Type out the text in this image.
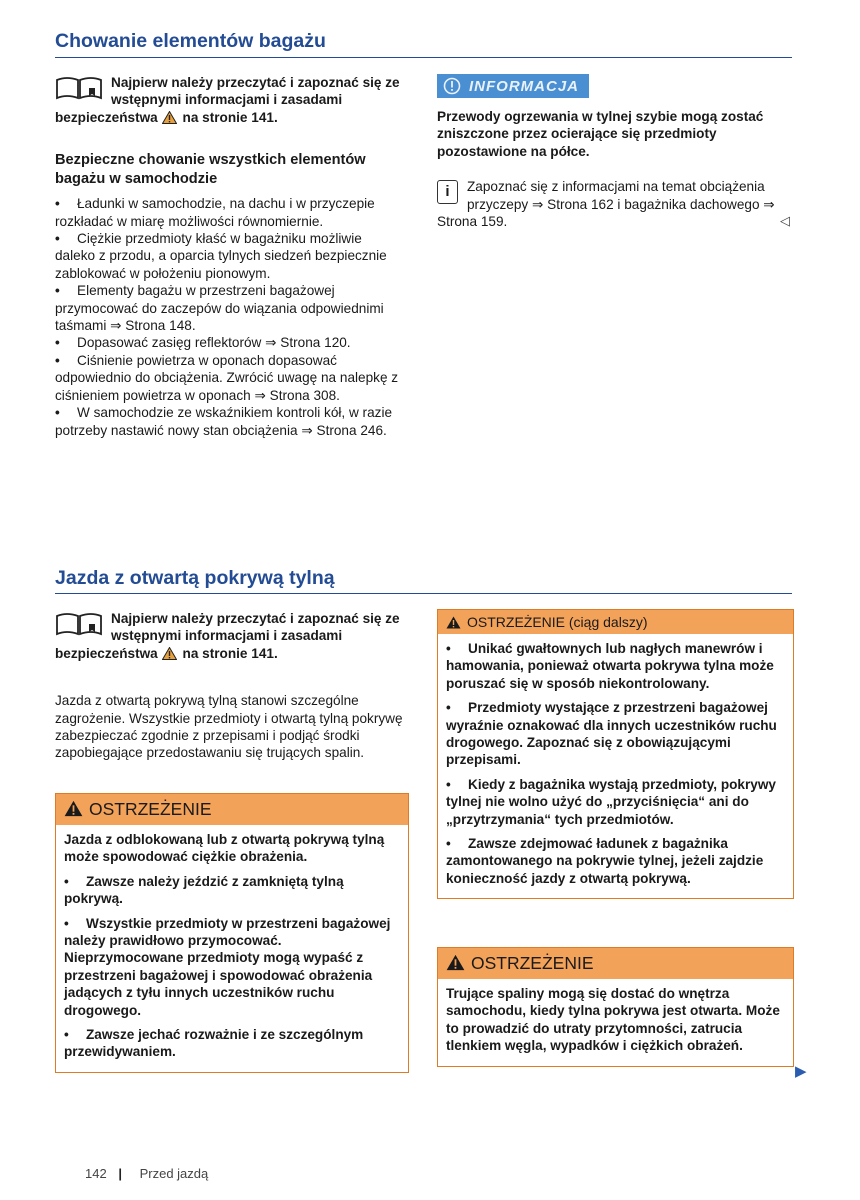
Chowanie elementów bagażu

Najpierw należy przeczytać i zapoznać się ze wstępnymi informacjami i zasadami bezpieczeństwa na stronie 141.

Bezpieczne chowanie wszystkich elementów bagażu w samochodzie

• Ładunki w samochodzie, na dachu i w przyczepie rozkładać w miarę możliwości równomiernie.

• Ciężkie przedmioty kłaść w bagażniku możliwie daleko z przodu, a oparcia tylnych siedzeń bezpiecznie zablokować w położeniu pionowym.

• Elementy bagażu w przestrzeni bagażowej przymocować do zaczepów do wiązania odpowiednimi taśmami ⇒ Strona 148.

• Dopasować zasięg reflektorów ⇒ Strona 120.

• Ciśnienie powietrza w oponach dopasować odpowiednio do obciążenia. Zwrócić uwagę na nalepkę z ciśnieniem powietrza w oponach ⇒ Strona 308.

• W samochodzie ze wskaźnikiem kontroli kół, w razie potrzeby nastawić nowy stan obciążenia ⇒ Strona 246.

INFORMACJA

Przewody ogrzewania w tylnej szybie mogą zostać zniszczone przez ocierające się przedmioty pozostawione na półce.

i	Zapoznać się z informacjami na temat obciążenia przyczepy ⇒ Strona 162 i bagażnika dachowego ⇒ Strona 159.	◁
Jazda z otwartą pokrywą tylną

Najpierw należy przeczytać i zapoznać się ze wstępnymi informacjami i zasadami bezpieczeństwa na stronie 141.

Jazda z otwartą pokrywą tylną stanowi szczególne zagrożenie. Wszystkie przedmioty i otwartą tylną pokrywę zabezpieczać zgodnie z przepisami i podjąć środki zapobiegające przedostawaniu się trujących spalin.

OSTRZEŻENIE

Jazda z odblokowaną lub z otwartą pokrywą tylną może spowodować ciężkie obrażenia.

• Zawsze należy jeździć z zamkniętą tylną pokrywą.

• Wszystkie przedmioty w przestrzeni bagażowej należy prawidłowo przymocować. Nieprzymocowane przedmioty mogą wypaść z przestrzeni bagażowej i spowodować obrażenia jadących z tyłu innych uczestników ruchu drogowego.

• Zawsze jechać rozważnie i ze szczególnym przewidywaniem.

OSTRZEŻENIE (ciąg dalszy)

• Unikać gwałtownych lub nagłych manewrów i hamowania, ponieważ otwarta pokrywa tylna może poruszać się w sposób niekontrolowany.

• Przedmioty wystające z przestrzeni bagażowej wyraźnie oznakować dla innych uczestników ruchu drogowego. Zapoznać się z obowiązującymi przepisami.

• Kiedy z bagażnika wystają przedmioty, pokrywy tylnej nie wolno użyć do „przyciśnięcia“ ani do „przytrzymania“ tych przedmiotów.

• Zawsze zdejmować ładunek z bagażnika zamontowanego na pokrywie tylnej, jeżeli zajdzie konieczność jazdy z otwartą pokrywą.

OSTRZEŻENIE

Trujące spaliny mogą się dostać do wnętrza samochodu, kiedy tylna pokrywa jest otwarta. Może to prowadzić do utraty przytomności, zatrucia tlenkiem węgla, wypadków i ciężkich obrażeń.

▶
142 | Przed jazdą
